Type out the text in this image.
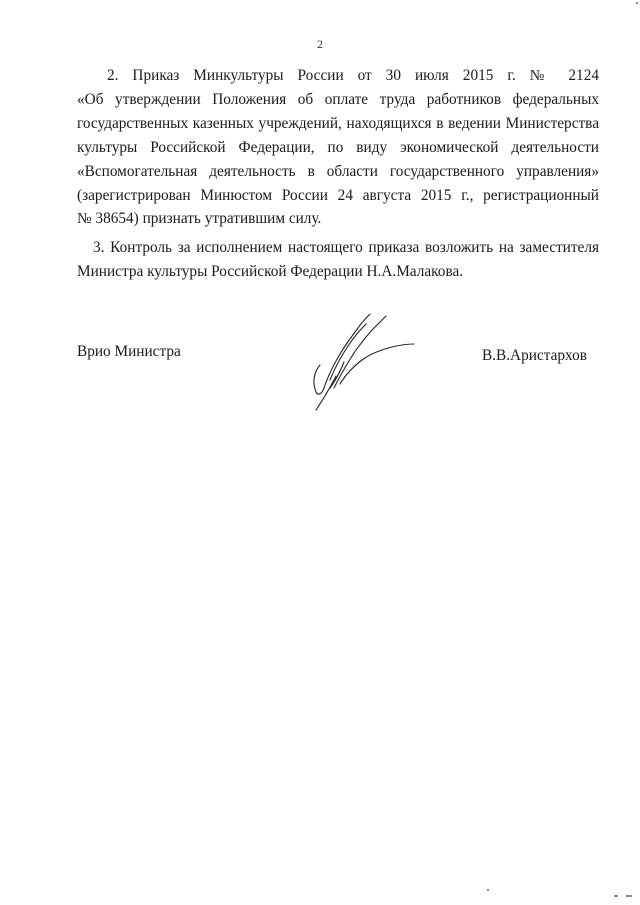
2

2. Приказ Минкультуры России от 30 июля 2015 г. № 2124
«Об утверждении Положения об оплате труда работников федеральных
государственных казенных учреждений, находящихся в ведении Министерства
культуры Российской Федерации, по виду экономической деятельности
«Вспомогательная деятельность в области государственного управления»
(зарегистрирован Минюстом России 24 августа 2015 г., регистрационный
№ 38654) признать утратившим силу.

3. Контроль за исполнением настоящего приказа возложить на заместителя
Министра культуры Российской Федерации Н.А.Малакова.

Врио Министра	В.В.Аристархов
